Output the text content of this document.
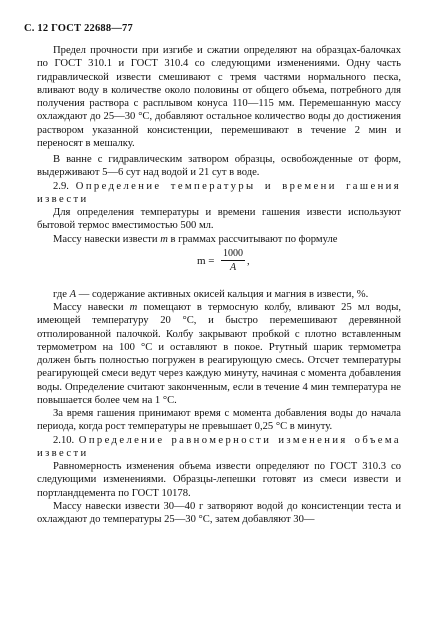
С. 12 ГОСТ 22688—77

Предел прочности при изгибе и сжатии определяют на образцах-балочках по ГОСТ 310.1 и ГОСТ 310.4 со следующими изменениями. Одну часть гидравлической извести смешивают с тремя частями нормального песка, вливают воду в количестве около половины от общего объема, потребного для получения раствора с расплывом конуса 110—115 мм. Перемешанную массу охлаждают до 25—30 °С, добавляют остальное количество воды до достижения раствором указанной консистенции, перемешивают в течение 2 мин и переносят в мешалку.

В ванне с гидравлическим затвором образцы, освобожденные от форм, выдерживают 5—6 сут над водой и 21 сут в воде.

2.9. Определение температуры и времени гашения извести

Для определения температуры и времени гашения извести используют бытовой термос вместимостью 500 мл.

Массу навески извести m в граммах рассчитывают по формуле

$m = \frac{1000}{A}$ ,

где A — содержание активных окисей кальция и магния в извести, %.

Массу навески m помещают в термосную колбу, вливают 25 мл воды, имеющей температуру 20 °С, и быстро перемешивают деревянной отполированной палочкой. Колбу закрывают пробкой с плотно вставленным термометром на 100 °С и оставляют в покое. Ртутный шарик термометра должен быть полностью погружен в реагирующую смесь. Отсчет температуры реагирующей смеси ведут через каждую минуту, начиная с момента добавления воды. Определение считают законченным, если в течение 4 мин температура не повышается более чем на 1 °С.

За время гашения принимают время с момента добавления воды до начала периода, когда рост температуры не превышает 0,25 °С в минуту.

2.10. Определение равномерности изменения объема извести

Равномерность изменения объема извести определяют по ГОСТ 310.3 со следующими изменениями. Образцы-лепешки готовят из смеси извести и портландцемента по ГОСТ 10178.

Массу навески извести 30—40 г затворяют водой до консистенции теста и охлаждают до температуры 25—30 °С, затем добавляют 30—
